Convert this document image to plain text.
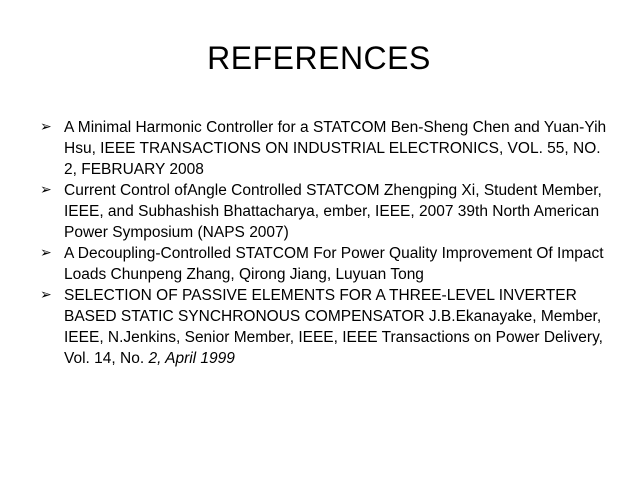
REFERENCES
➢ A Minimal Harmonic Controller for a STATCOM Ben-Sheng Chen and Yuan-Yih Hsu, IEEE TRANSACTIONS ON INDUSTRIAL ELECTRONICS, VOL. 55, NO. 2, FEBRUARY 2008
➢ Current Control ofAngle Controlled STATCOM Zhengping Xi, Student Member, IEEE, and Subhashish Bhattacharya, ember, IEEE, 2007 39th North American Power Symposium (NAPS 2007)
➢ A Decoupling-Controlled STATCOM For Power Quality Improvement Of Impact Loads Chunpeng Zhang, Qirong Jiang, Luyuan Tong
➢ SELECTION OF PASSIVE ELEMENTS FOR A THREE-LEVEL INVERTER BASED STATIC SYNCHRONOUS COMPENSATOR J.B.Ekanayake, Member, IEEE, N.Jenkins, Senior Member, IEEE, IEEE Transactions on Power Delivery, Vol. 14, No. 2, April 1999
